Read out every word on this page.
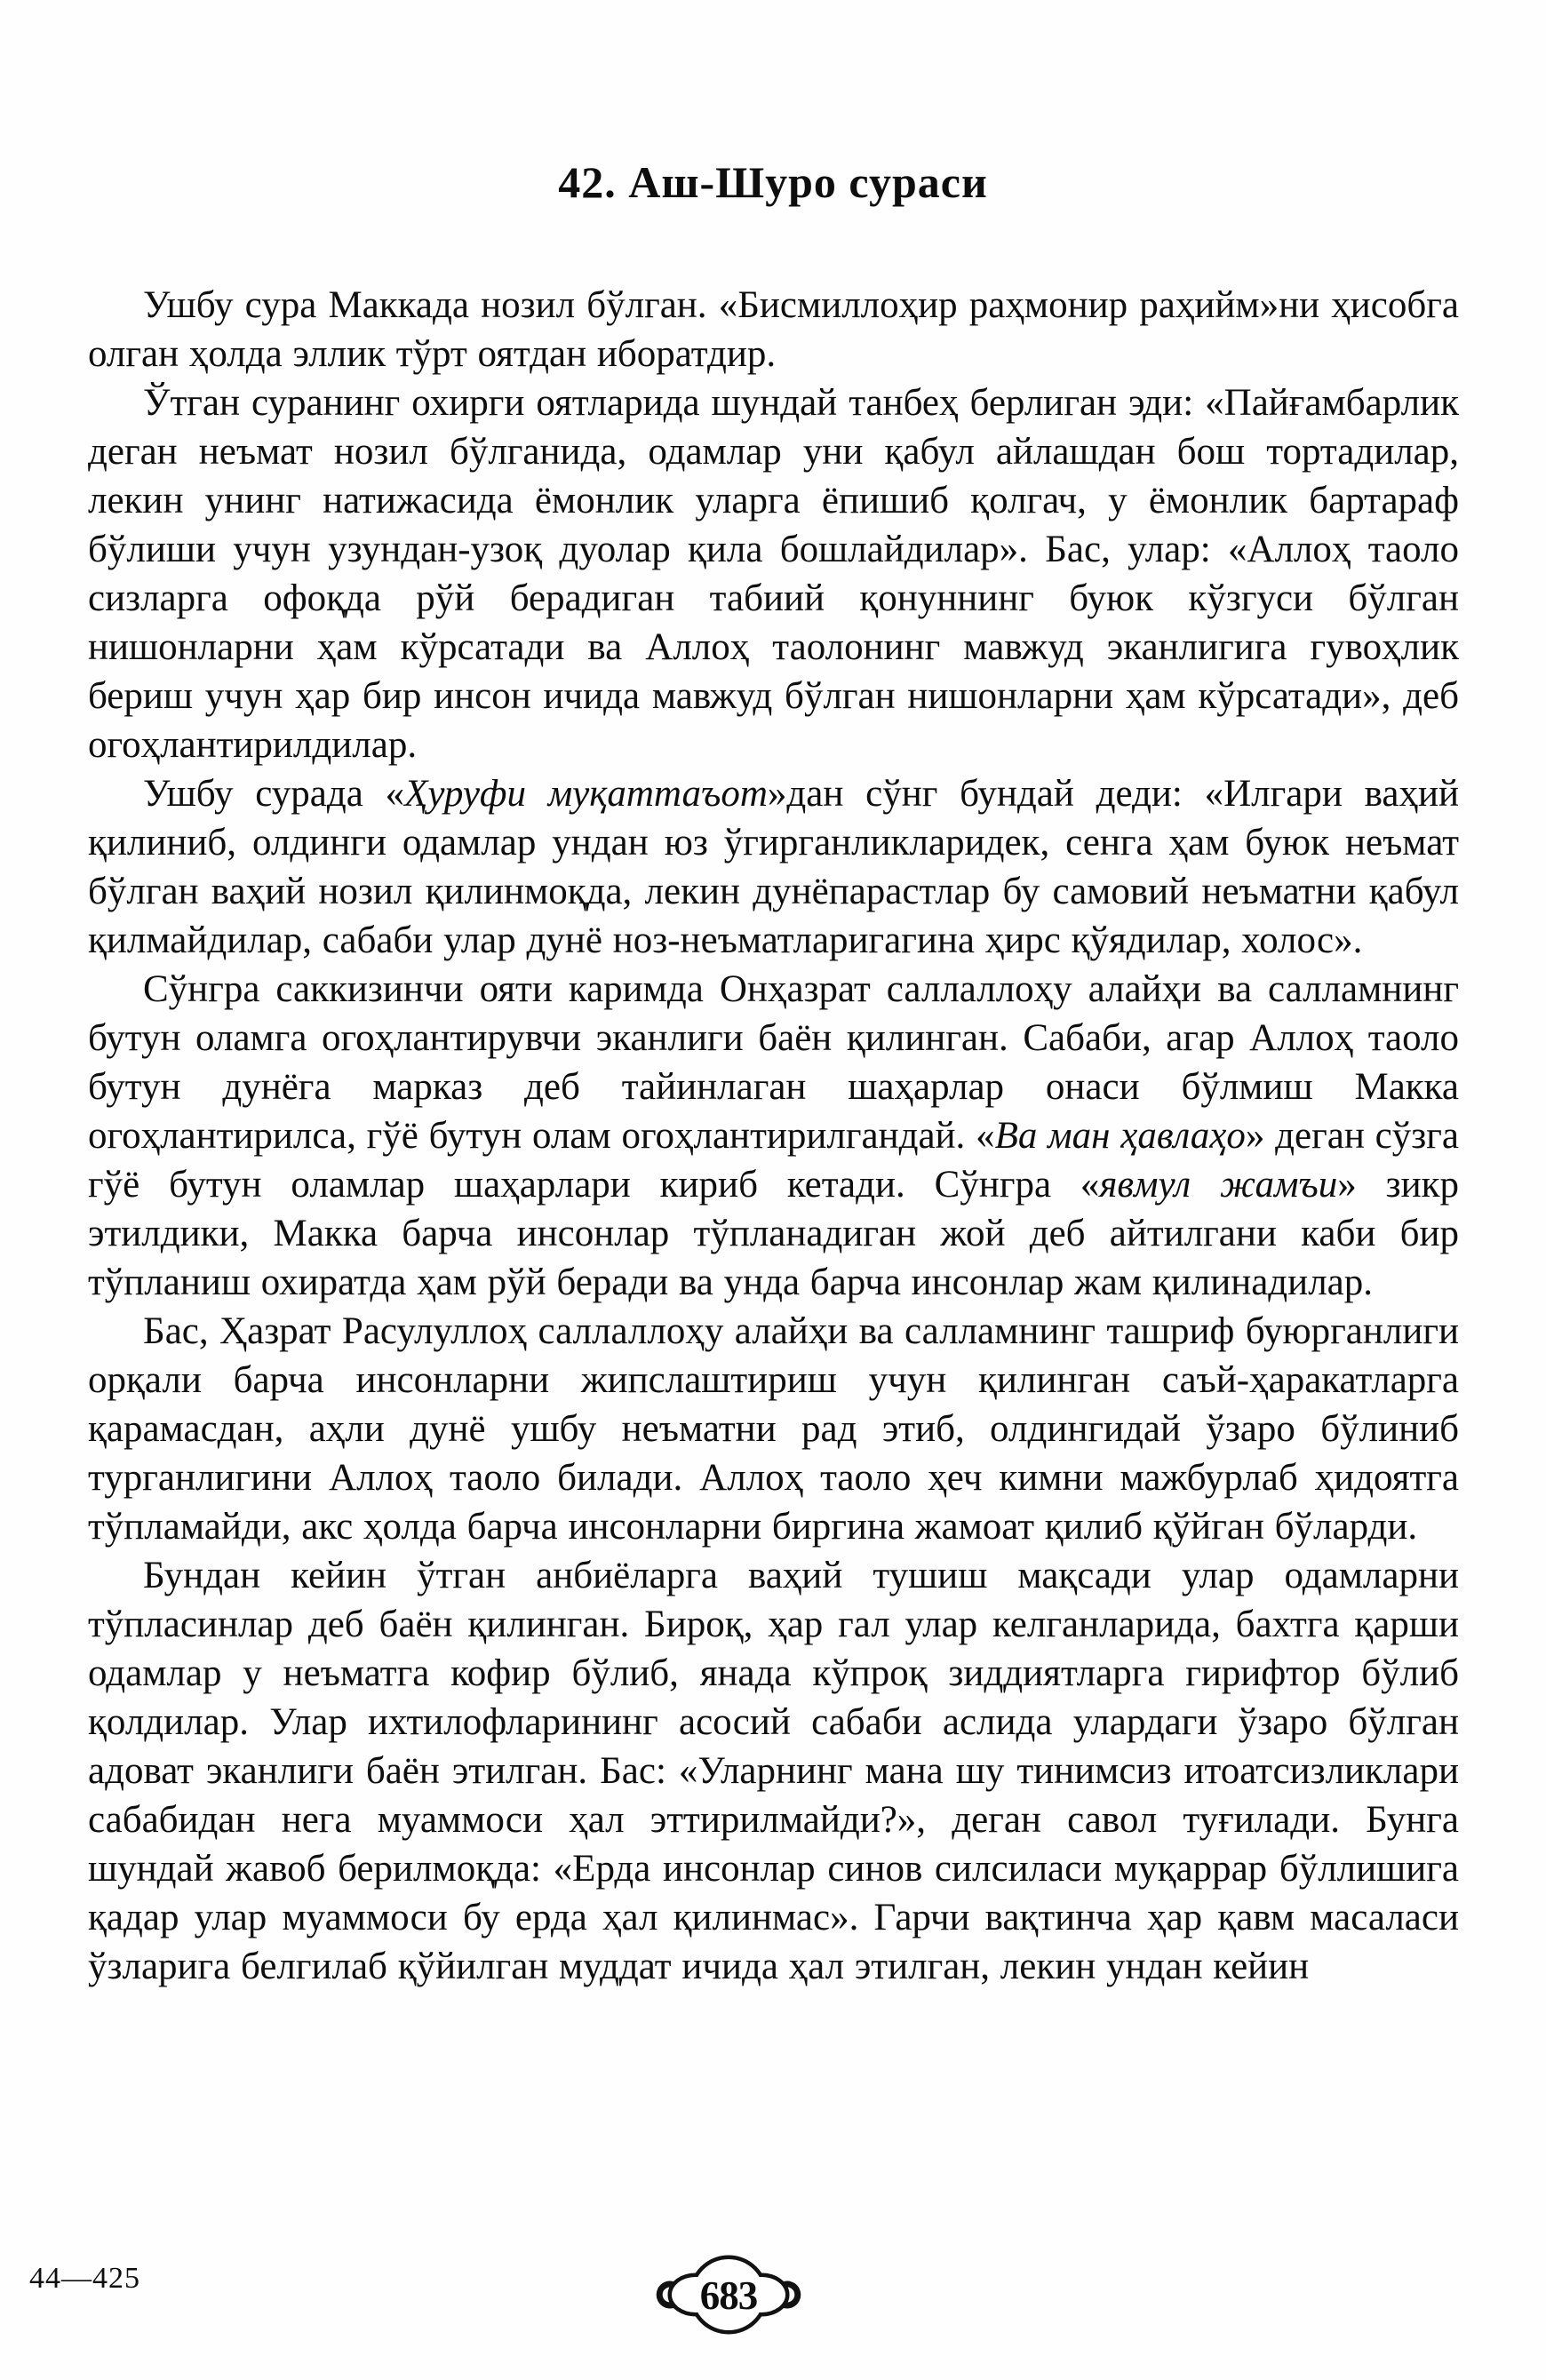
42. Аш-Шуро сураси

Ушбу сура Маккада нозил бўлган. «Бисмиллоҳир раҳмонир раҳийм»ни ҳисобга олган ҳолда эллик тўрт оятдан иборатдир.

Ўтган суранинг охирги оятларида шундай танбеҳ берлиган эди: «Пайғамбарлик деган неъмат нозил бўлганида, одамлар уни қабул айлашдан бош тортадилар, лекин унинг натижасида ёмонлик уларга ёпишиб қолгач, у ёмонлик бартараф бўлиши учун узундан-узоқ дуолар қила бошлайдилар». Бас, улар: «Аллоҳ таоло сизларга офоқда рўй берадиган табиий қонуннинг буюк кўзгуси бўлган нишонларни ҳам кўрсатади ва Аллоҳ таолонинг мавжуд эканлигига гувоҳлик бериш учун ҳар бир инсон ичида мавжуд бўлган нишонларни ҳам кўрсатади», деб огоҳлантирилдилар.

Ушбу сурада «Ҳуруфи муқаттаъот»дан сўнг бундай деди: «Илгари ваҳий қилиниб, олдинги одамлар ундан юз ўгирганликларидек, сенга ҳам буюк неъмат бўлган ваҳий нозил қилинмоқда, лекин дунёпарастлар бу самовий неъматни қабул қилмайдилар, сабаби улар дунё ноз-неъматларигагина ҳирс қўядилар, холос».

Сўнгра саккизинчи ояти каримда Онҳазрат саллаллоҳу алайҳи ва салламнинг бутун оламга огоҳлантирувчи эканлиги баён қилинган. Сабаби, агар Аллоҳ таоло бутун дунёга марказ деб тайинлаган шаҳарлар онаси бўлмиш Макка огоҳлантирилса, гўё бутун олам огоҳлантирилгандай. «Ва ман ҳавлаҳо» деган сўзга гўё бутун оламлар шаҳарлари кириб кетади. Сўнгра «явмул жамъи» зикр этилдики, Макка барча инсонлар тўпланадиган жой деб айтилгани каби бир тўпланиш охиратда ҳам рўй беради ва унда барча инсонлар жам қилинадилар.

Бас, Ҳазрат Расулуллоҳ саллаллоҳу алайҳи ва салламнинг ташриф буюрганлиги орқали барча инсонларни жипслаштириш учун қилинган саъй-ҳаракатларга қарамасдан, аҳли дунё ушбу неъматни рад этиб, олдингидай ўзаро бўлиниб турганлигини Аллоҳ таоло билади. Аллоҳ таоло ҳеч кимни мажбурлаб ҳидоятга тўпламайди, акс ҳолда барча инсонларни биргина жамоат қилиб қўйган бўларди.

Бундан кейин ўтган анбиёларга ваҳий тушиш мақсади улар одамларни тўпласинлар деб баён қилинган. Бироқ, ҳар гал улар келганларида, бахтга қарши одамлар у неъматга кофир бўлиб, янада кўпроқ зиддиятларга гирифтор бўлиб қолдилар. Улар ихтилофларининг асосий сабаби аслида улардаги ўзаро бўлган адоват эканлиги баён этилган. Бас: «Уларнинг мана шу тинимсиз итоатсизликлари сабабидан нега муаммоси ҳал эттирилмайди?», деган савол туғилади. Бунга шундай жавоб берилмоқда: «Ерда инсонлар синов силсиласи муқаррар бўллишига қадар улар муаммоси бу ерда ҳал қилинмас». Гарчи вақтинча ҳар қавм масаласи ўзларига белгилаб қўйилган муддат ичида ҳал этилган, лекин ундан кейин

44—425	683
